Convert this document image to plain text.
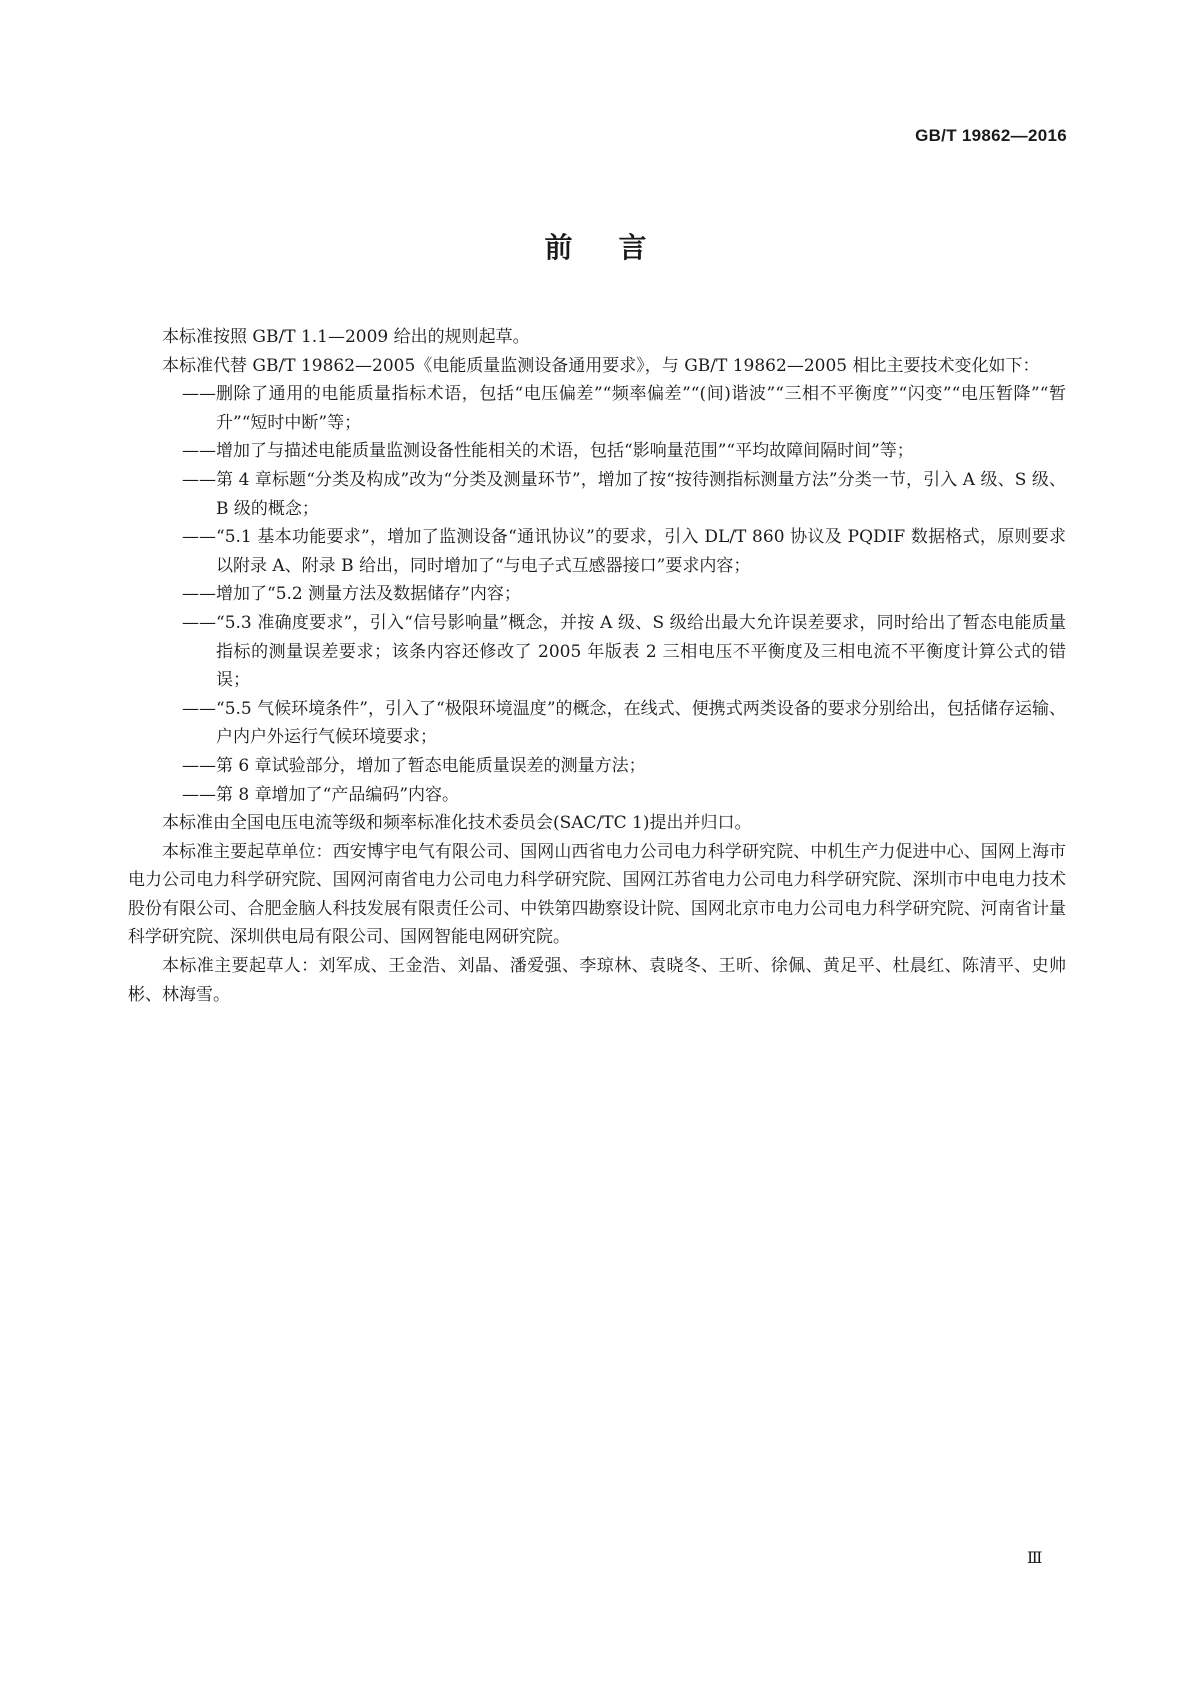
GB/T 19862—2016
前言

本标准按照 GB/T 1.1—2009 给出的规则起草。

本标准代替 GB/T 19862—2005《电能质量监测设备通用要求》，与 GB/T 19862—2005 相比主要技术变化如下：

—— 删除了通用的电能质量指标术语，包括“电压偏差”“频率偏差”“(间)谐波”“三相不平衡度”“闪变”“电压暂降”“暂升”“短时中断”等；
—— 增加了与描述电能质量监测设备性能相关的术语，包括“影响量范围”“平均故障间隔时间”等；
—— 第 4 章标题“分类及构成”改为“分类及测量环节”，增加了按“按待测指标测量方法”分类一节，引入 A 级、S 级、B 级的概念；
—— “5.1 基本功能要求”，增加了监测设备“通讯协议”的要求，引入 DL/T 860 协议及 PQDIF 数据格式，原则要求以附录 A、附录 B 给出，同时增加了“与电子式互感器接口”要求内容；
—— 增加了“5.2 测量方法及数据储存”内容；
—— “5.3 准确度要求”，引入“信号影响量”概念，并按 A 级、S 级给出最大允许误差要求，同时给出了暂态电能质量指标的测量误差要求；该条内容还修改了 2005 年版表 2 三相电压不平衡度及三相电流不平衡度计算公式的错误；
—— “5.5 气候环境条件”，引入了“极限环境温度”的概念，在线式、便携式两类设备的要求分别给出，包括储存运输、户内户外运行气候环境要求；
—— 第 6 章试验部分，增加了暂态电能质量误差的测量方法；
—— 第 8 章增加了“产品编码”内容。

本标准由全国电压电流等级和频率标准化技术委员会(SAC/TC 1)提出并归口。

本标准主要起草单位：西安博宇电气有限公司、国网山西省电力公司电力科学研究院、中机生产力促进中心、国网上海市电力公司电力科学研究院、国网河南省电力公司电力科学研究院、国网江苏省电力公司电力科学研究院、深圳市中电电力技术股份有限公司、合肥金脑人科技发展有限责任公司、中铁第四勘察设计院、国网北京市电力公司电力科学研究院、河南省计量科学研究院、深圳供电局有限公司、国网智能电网研究院。

本标准主要起草人：刘军成、王金浩、刘晶、潘爱强、李琼林、袁晓冬、王昕、徐佩、黄足平、杜晨红、陈清平、史帅彬、林海雪。

Ⅲ
